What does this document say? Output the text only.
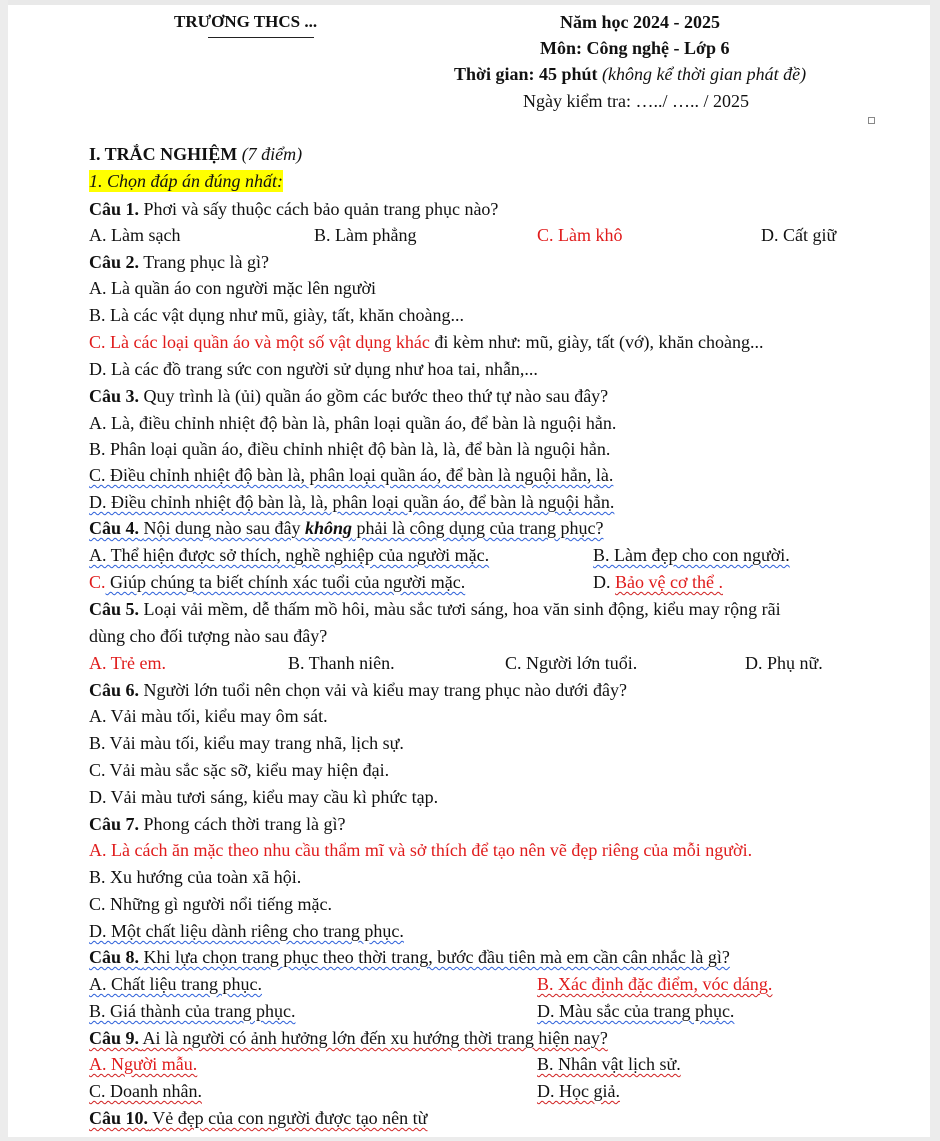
TRƯƠNG THCS ...	Năm học 2024 - 2025
Môn: Công nghệ - Lớp 6
Thời gian: 45 phút (không kể thời gian phát đề)
Ngày kiểm tra: …../ ….. / 2025
I. TRẮC NGHIỆM (7 điểm)
1. Chọn đáp án đúng nhất:
Câu 1. Phơi và sấy thuộc cách bảo quản trang phục nào?
A. Làm sạch	B. Làm phẳng	C. Làm khô	D. Cất giữ
Câu 2. Trang phục là gì?
A. Là quần áo con người mặc lên người
B. Là các vật dụng như mũ, giày, tất, khăn choàng...
C. Là các loại quần áo và một số vật dụng khác đi kèm như: mũ, giày, tất (vớ), khăn choàng...
D. Là các đồ trang sức con người sử dụng như hoa tai, nhẫn,...
Câu 3. Quy trình là (ủi) quần áo gồm các bước theo thứ tự nào sau đây?
A. Là, điều chỉnh nhiệt độ bàn là, phân loại quần áo, để bàn là nguội hẳn.
B. Phân loại quần áo, điều chỉnh nhiệt độ bàn là, là, để bàn là nguội hẳn.
C. Điều chỉnh nhiệt độ bàn là, phân loại quần áo, để bàn là nguội hẳn, là.
D. Điều chỉnh nhiệt độ bàn là, là, phân loại quần áo, để bàn là nguội hẳn.
Câu 4. Nội dung nào sau đây không phải là công dụng của trang phục?
A. Thể hiện được sở thích, nghề nghiệp của người mặc.	B. Làm đẹp cho con người.
C. Giúp chúng ta biết chính xác tuổi của người mặc.	D. Bảo vệ cơ thể .
Câu 5. Loại vải mềm, dễ thấm mồ hôi, màu sắc tươi sáng, hoa văn sinh động, kiểu may rộng rãi
dùng cho đối tượng nào sau đây?
A. Trẻ em.	B. Thanh niên.	C. Người lớn tuổi.	D. Phụ nữ.
Câu 6. Người lớn tuổi nên chọn vải và kiểu may trang phục nào dưới đây?
A. Vải màu tối, kiểu may ôm sát.
B. Vải màu tối, kiểu may trang nhã, lịch sự.
C. Vải màu sắc sặc sỡ, kiểu may hiện đại.
D. Vải màu tươi sáng, kiểu may cầu kì phức tạp.
Câu 7. Phong cách thời trang là gì?
A. Là cách ăn mặc theo nhu cầu thẩm mĩ và sở thích để tạo nên vẽ đẹp riêng của mỗi người.
B. Xu hướng của toàn xã hội.
C. Những gì người nổi tiếng mặc.
D. Một chất liệu dành riêng cho trang phục.
Câu 8. Khi lựa chọn trang phục theo thời trang, bước đầu tiên mà em cần cân nhắc là gì?
A. Chất liệu trang phục.	B. Xác định đặc điểm, vóc dáng.
B. Giá thành của trang phục.	D. Màu sắc của trang phục.
Câu 9. Ai là người có ảnh hưởng lớn đến xu hướng thời trang hiện nay?
A. Người mẫu.	B. Nhân vật lịch sử.
C. Doanh nhân.	D. Học giả.
Câu 10. Vẻ đẹp của con người được tạo nên từ
